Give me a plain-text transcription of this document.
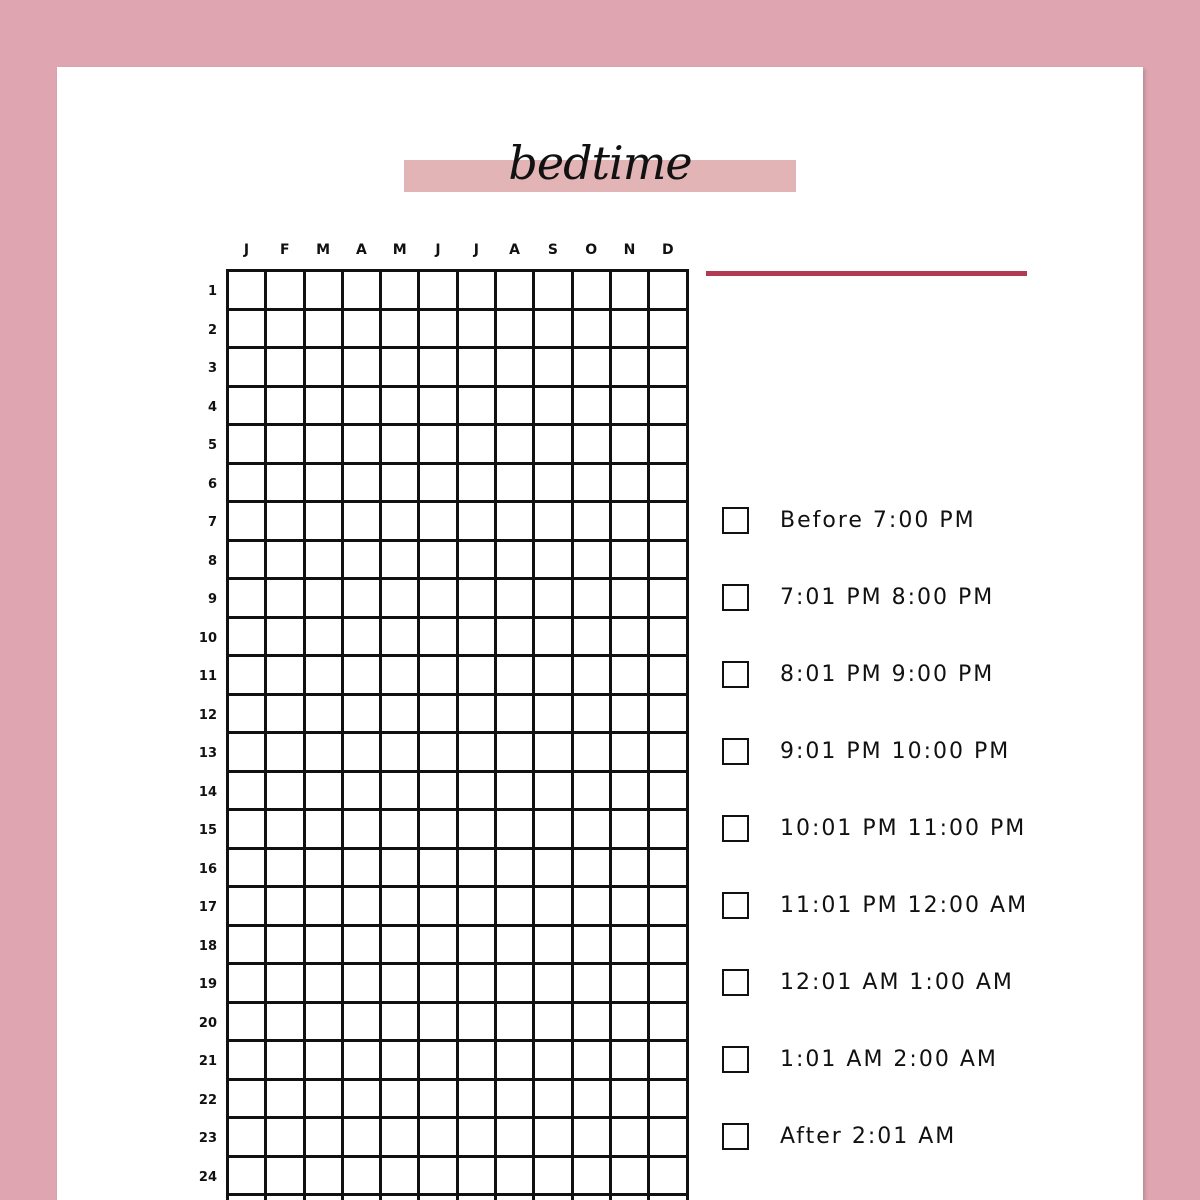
bedtime
J	F	M	A	M	J	J	A	S	O	N	D
1
2
3
4
5
6
7
8
9
10
11
12
13
14
15
16
17
18
19
20
21
22
23
24
Before 7:00 PM
7:01 PM 8:00 PM
8:01 PM 9:00 PM
9:01 PM 10:00 PM
10:01 PM 11:00 PM
11:01 PM 12:00 AM
12:01 AM 1:00 AM
1:01 AM 2:00 AM
After 2:01 AM
